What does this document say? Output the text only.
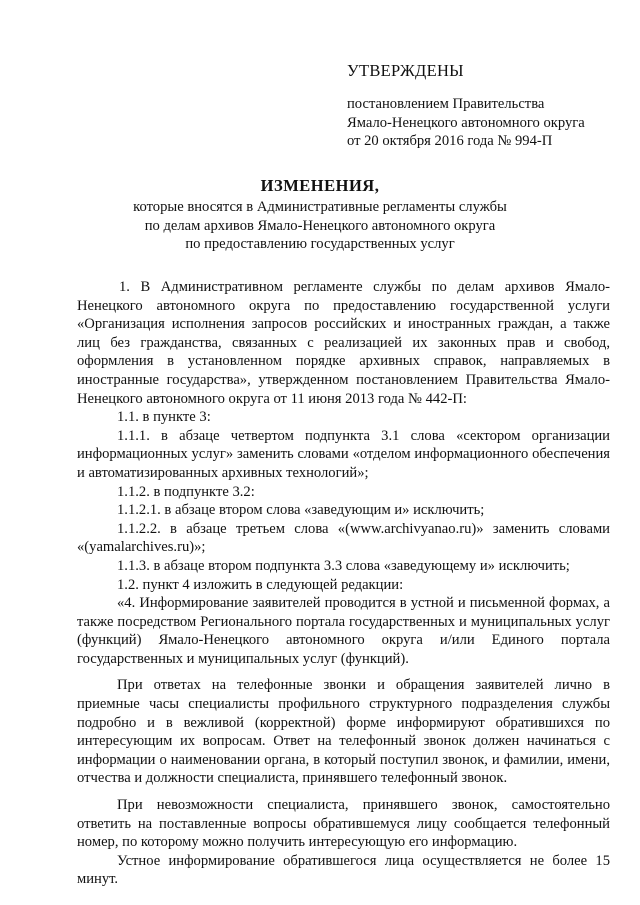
УТВЕРЖДЕНЫ
постановлением Правительства
Ямало-Ненецкого автономного округа
от 20 октября 2016 года № 994-П
ИЗМЕНЕНИЯ,
которые вносятся в Административные регламенты службы
по делам архивов Ямало-Ненецкого автономного округа
по предоставлению государственных услуг

1. В Административном регламенте службы по делам архивов Ямало-Ненецкого автономного округа по предоставлению государственной услуги «Организация исполнения запросов российских и иностранных граждан, а также лиц без гражданства, связанных с реализацией их законных прав и свобод, оформления в установленном порядке архивных справок, направляемых в иностранные государства», утвержденном постановлением Правительства Ямало-Ненецкого автономного округа от 11 июня 2013 года № 442-П:

1.1. в пункте 3:

1.1.1. в абзаце четвертом подпункта 3.1 слова «сектором организации информационных услуг» заменить словами «отделом информационного обеспечения и автоматизированных архивных технологий»;

1.1.2. в подпункте 3.2:

1.1.2.1. в абзаце втором слова «заведующим и» исключить;

1.1.2.2. в абзаце третьем слова «(www.archivyanao.ru)» заменить словами «(yamalarchives.ru)»;

1.1.3. в абзаце втором подпункта 3.3 слова «заведующему и» исключить;

1.2. пункт 4 изложить в следующей редакции:

«4. Информирование заявителей проводится в устной и письменной формах, а также посредством Регионального портала государственных и муниципальных услуг (функций) Ямало-Ненецкого автономного округа и/или Единого портала государственных и муниципальных услуг (функций).

При ответах на телефонные звонки и обращения заявителей лично в приемные часы специалисты профильного структурного подразделения службы подробно и в вежливой (корректной) форме информируют обратившихся по интересующим их вопросам. Ответ на телефонный звонок должен начинаться с информации о наименовании органа, в который поступил звонок, и фамилии, имени, отчества и должности специалиста, принявшего телефонный звонок.

При невозможности специалиста, принявшего звонок, самостоятельно ответить на поставленные вопросы обратившемуся лицу сообщается телефонный номер, по которому можно получить интересующую его информацию.

Устное информирование обратившегося лица осуществляется не более 15 минут.
